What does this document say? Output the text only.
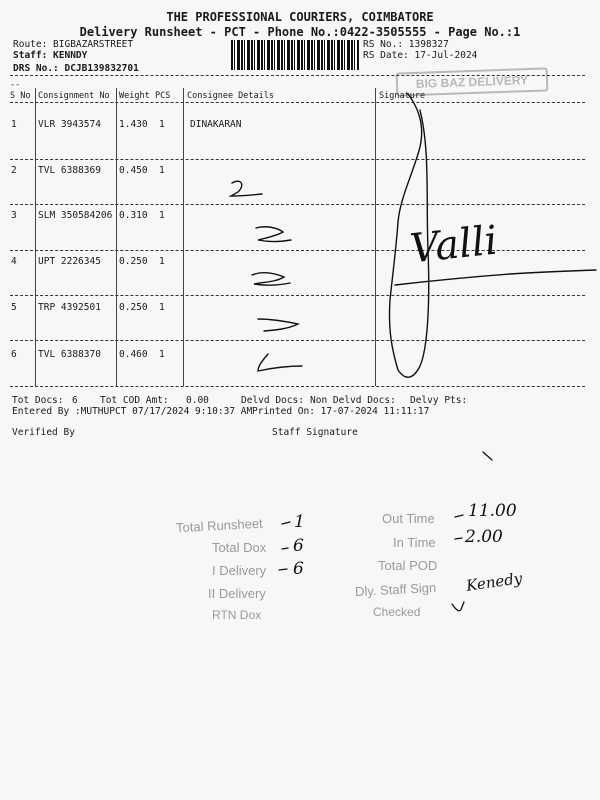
THE PROFESSIONAL COURIERS, COIMBATORE
Delivery Runsheet - PCT - Phone No.:0422-3505555 - Page No.:1
Route: BIGBAZARSTREET
Staff: KENNDY
DRS No.: DCJB139832701
RS No.: 1398327
RS Date: 17-Jul-2024
BIG BAZ DELIVERY
S No Consignment No Weight PCS Consignee Details	Signature
--
1 VLR 3943574 1.430 1	DINAKARAN
2 TVL 6388369 0.450 1
3 SLM 350584206 0.310 1
4 UPT 2226345 0.250 1
5 TRP 4392501 0.250 1
6 TVL 6388370 0.460 1
Valli
Tot Docs: 6 Tot COD Amt: 0.00	Delvd Docs: Non Delvd Docs: Delvy Pts:
Entered By :MUTHUPCT 07/17/2024 9:10:37 AM Printed On: 17-07-2024 11:11:17
Verified By	Staff Signature
Total Runsheet 1
Total Dox 6
I Delivery 6
II Delivery
RTN Dox
Out Time 11.00
In Time 2.00
Total POD
Dly. Staff Sign Kenedy
Checked
